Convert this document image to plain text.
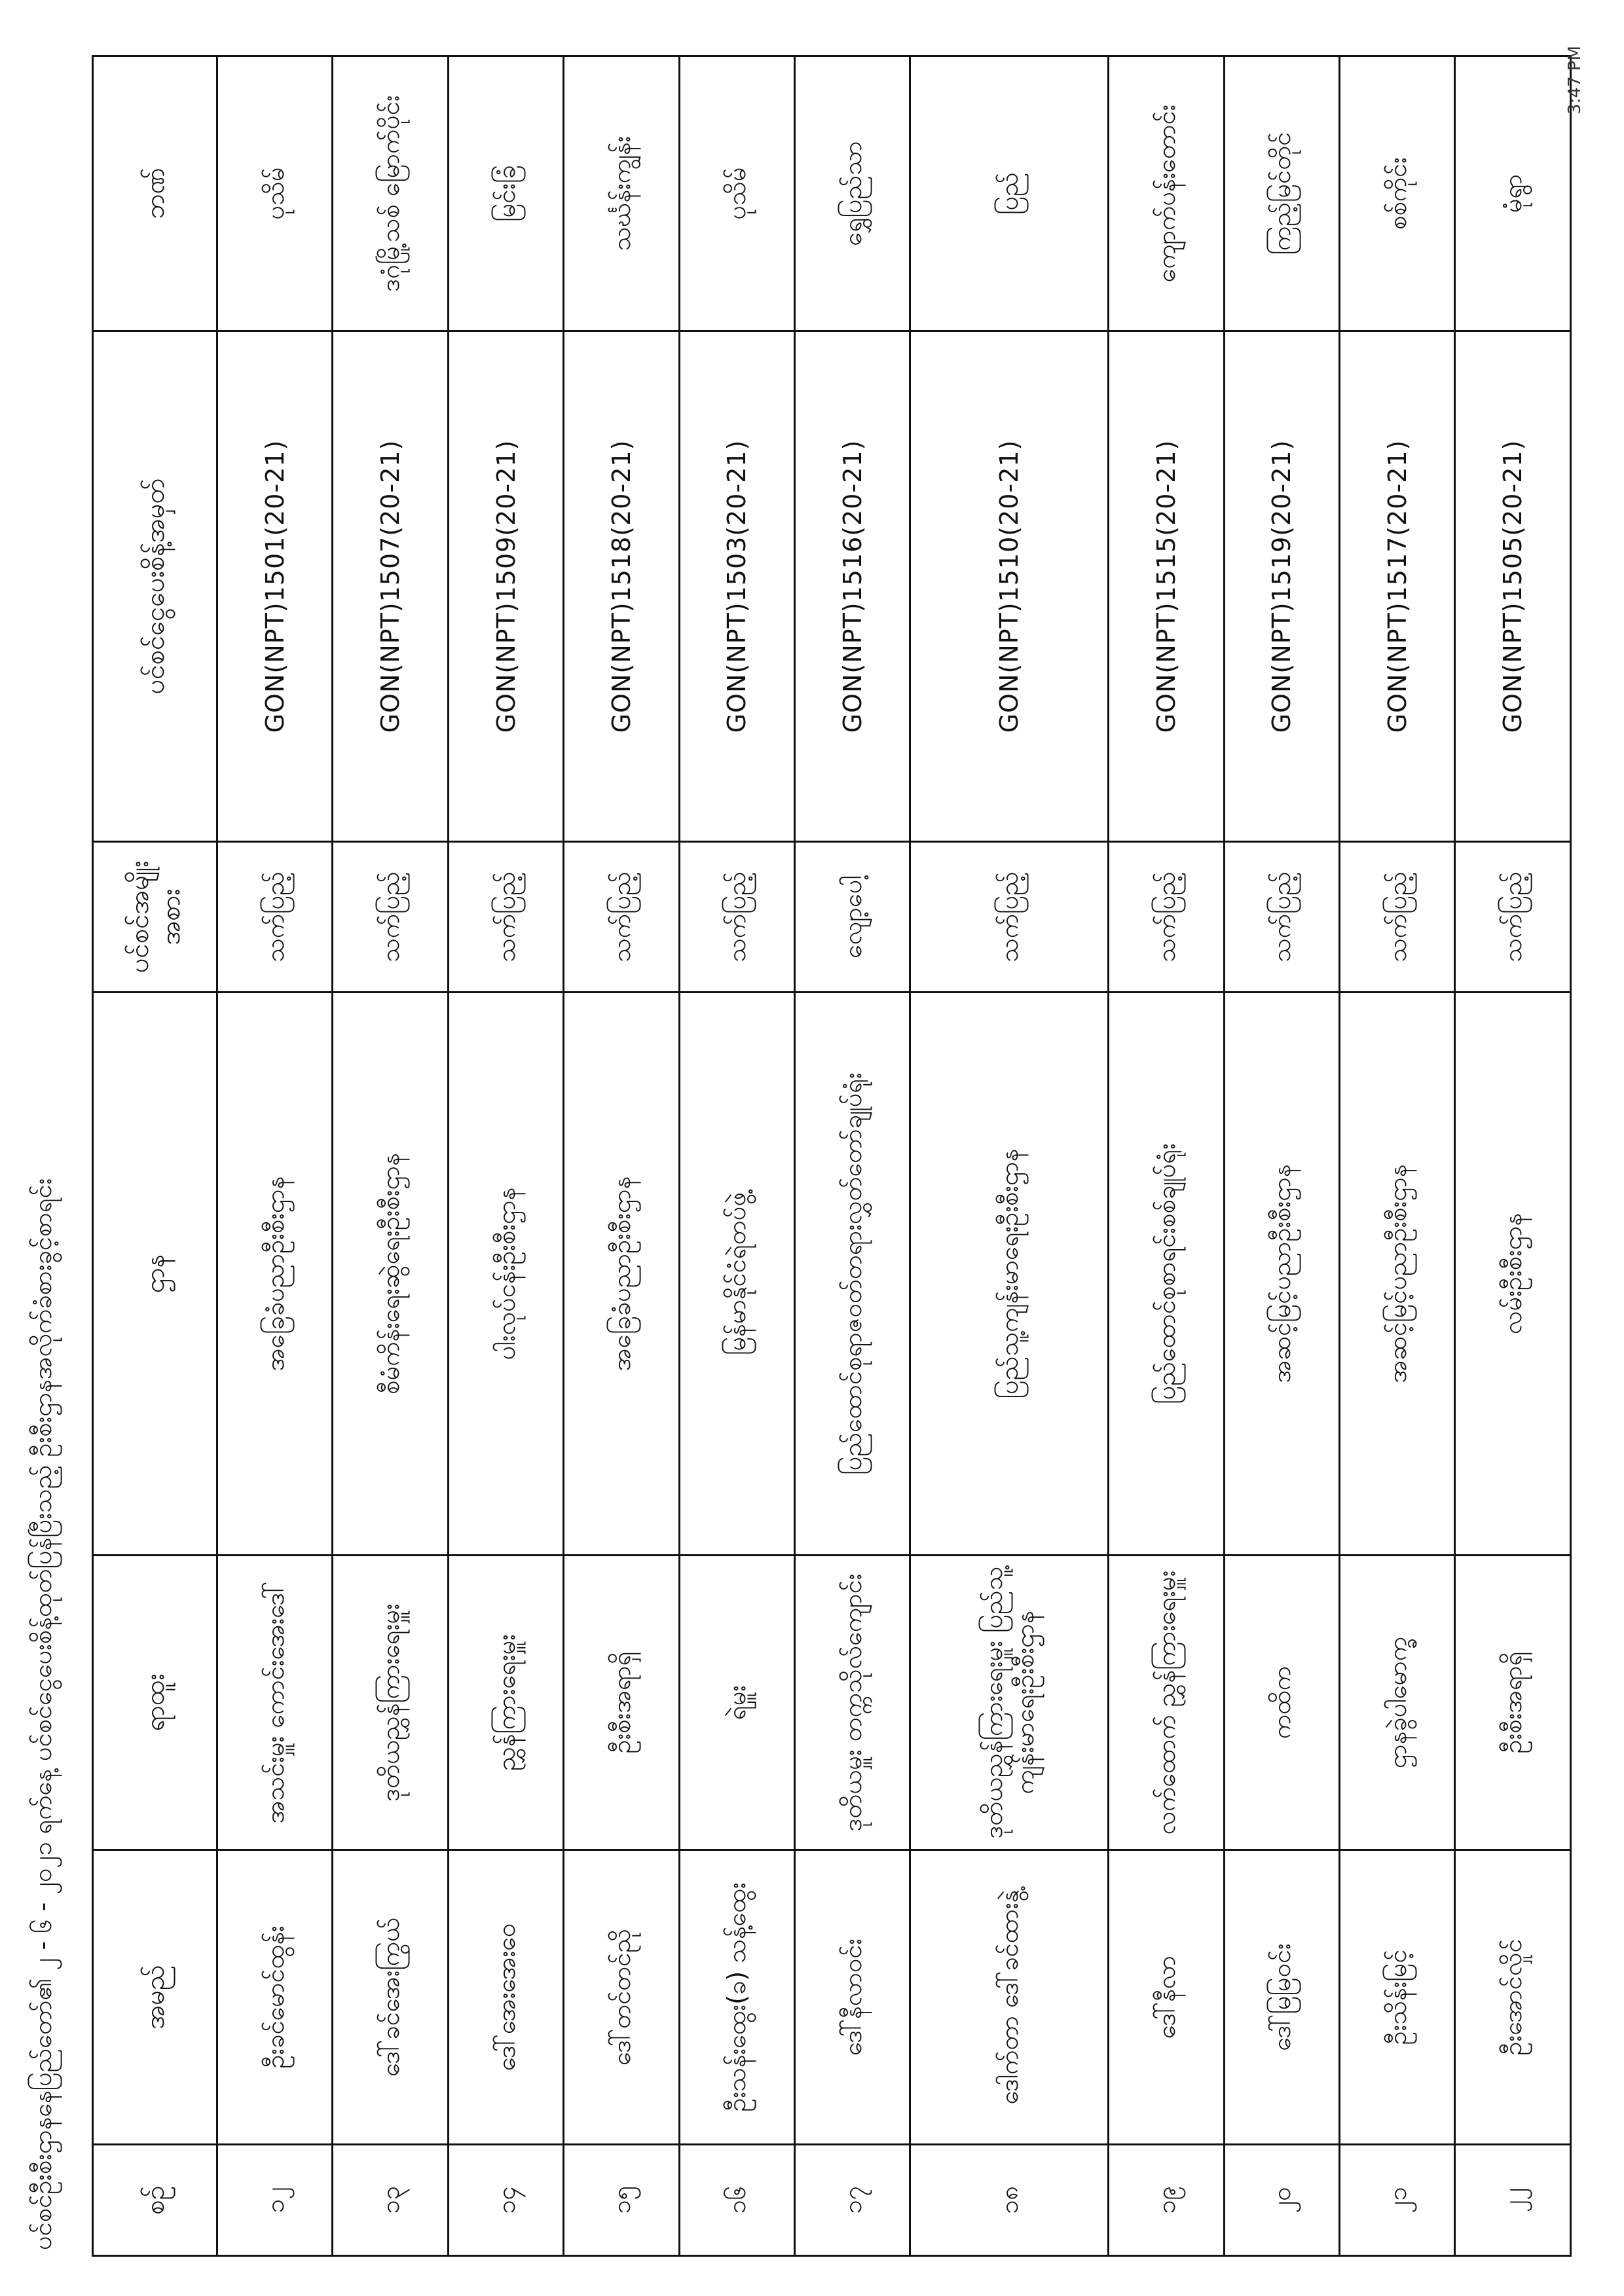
ပင်စင်ဦးစီးဌာနနေပြည်တော်၏ ၂ - ၆ - ၂၀၂၁ ရက်နေ့ ပင်စင်ငွေပေးစိန့်ထုတ်ပြန်ပြီးသည့် ဦးစီးဌာနအလိုက်ခံစားခွင့်စာရင်း	စဉ်	အမည်	ရာထူး	ဌာန	ပင်စင်အမျိုးအစား	ပင်စင်ငွေပေးစိန့်အမှတ်	ဘဏ်
၁၂	ဦးခင်မောင်ထွန်း	အသင်းမှူး ကောင်းအေးဒေါ်	အခြေခံပညာဦးစီးဌာန	သက်ပြည့်	GON(NPT)1501(20-21)	ပုသိမ်
၁၃	ဒေါ်ခင်အေးကြွယ်	ဒုတိယညွှန်ကြားရေးမှူး	စီမံကိန်းရေးဆွဲရေးဦးစီးဌာန	သက်ပြည့်	GON(NPT)1507(20-21)	ဒဂုံမြို့သစ် မြောက်ပိုင်း
၁၄	ဒေါ်အေးအေးဝေ	ညွှန်ကြားရေးမှူး	ပါးလုပ်ငန်းဦးစီးဌာန	သက်ပြည့်	GON(NPT)1509(20-21)	မြင်းခြံ
၁၅	ဒေါ်တင်တင်ညို	ဦးစီးအရာရှိ	အခြေခံပညာဦးစီးဌာန	သက်ပြည့်	GON(NPT)1518(20-21)	သင်္ဃန်းကျွန်း
၁၆	ဦးသန်းထွေး(ခ) သန့်ထွေး	ရဲမှူး	မြန်မာနိုင်ငံရဲတပ်ဖွဲ့	သက်ပြည့်	GON(NPT)1503(20-21)	ပုသိမ်
၁၇	ဒေါ်နီလာဝင်း	ဒုတိယမှူး တက္ကသိုလ်ကျောင်း	ပြည်ထောင်စုရာဇဝတ်တရားလွှတ်တော်ချုပ်ရုံး	လျော့ပေါ့	GON(NPT)1516(20-21)	ရွှေပြည်သာ
၁၈	ဒေါက်တာ ဒေါ်ခင်ထားနွဲ့	ဒုတိယညွှန်ကြားရေးမှူး ပြည်သူ့ကျန်းမာရေးဦးစီးဌာန	ပြည်သူ့ကျန်းမာရေးဦးစီးဌာန	သက်ပြည့်	GON(NPT)1510(20-21)	ပြည်
၁၉	ဒေါ်နီလာ	လက်ထောက် ညွှန်ကြားရေးမှူး	ပြည်ထောင်စုစာရင်းစစ်ချုပ်ရုံး	သက်ပြည့်	GON(NPT)1515(20-21)	ကျောက်ပန်းတောင်း
၂၀	ဒေါ်မြမြဝင်း	ကထိက	အဆင့်မြင့်ပညာဦးစီးဌာန	သက်ပြည့်	GON(NPT)1519(20-21)	ကြည့်မြင်တိုင်
၂၁	ဦးသိန်းမြင့်	ဌာနခွဲပါမောက္ခ	အဆင့်မြင့်ပညာဦးစီးဌာန	သက်ပြည့်	GON(NPT)1517(20-21)	စစ်ကိုင်း
၂၂	ဦးအောင်လှိုင်	ဦးစီးအရာရှိ	လမ်းဦးစီးဌာန	သက်ပြည့်	GON(NPT)1505(20-21)	မုံရွာ
3:47 PM
